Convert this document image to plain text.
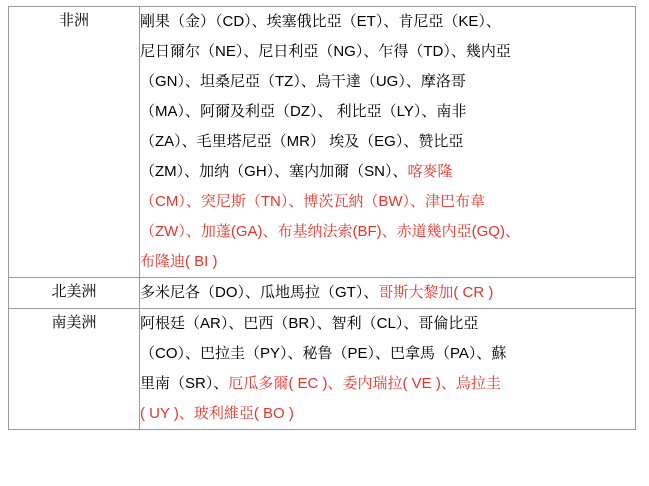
非洲	剛果（金）（CD）、埃塞俄比亞（ET）、肯尼亞（KE）、
尼日爾尔（NE）、尼日利亞（NG）、乍得（TD）、幾内亞
（GN）、坦桑尼亞（TZ）、烏干達（UG）、摩洛哥
（MA）、阿爾及利亞（DZ）、 利比亞（LY）、南非
（ZA）、毛里塔尼亞（MR） 埃及（EG）、赞比亞
（ZM）、加纳（GH）、塞内加爾（SN）、喀麥隆
（CM）、突尼斯（TN）、博茨瓦納（BW）、津巴布韋
（ZW）、加蓬(GA)、布基纳法索(BF)、赤道幾内亞(GQ)、
布隆迪( BI )

北美洲	多米尼各（DO）、瓜地馬拉（GT）、哥斯大黎加( CR )

南美洲	阿根廷（AR）、巴西（BR）、智利（CL）、哥倫比亞
（CO）、巴拉圭（PY）、秘鲁（PE）、巴拿馬（PA）、蘇
里南（SR）、厄瓜多爾( EC )、委内瑞拉( VE )、烏拉圭
( UY )、玻利維亞( BO )
